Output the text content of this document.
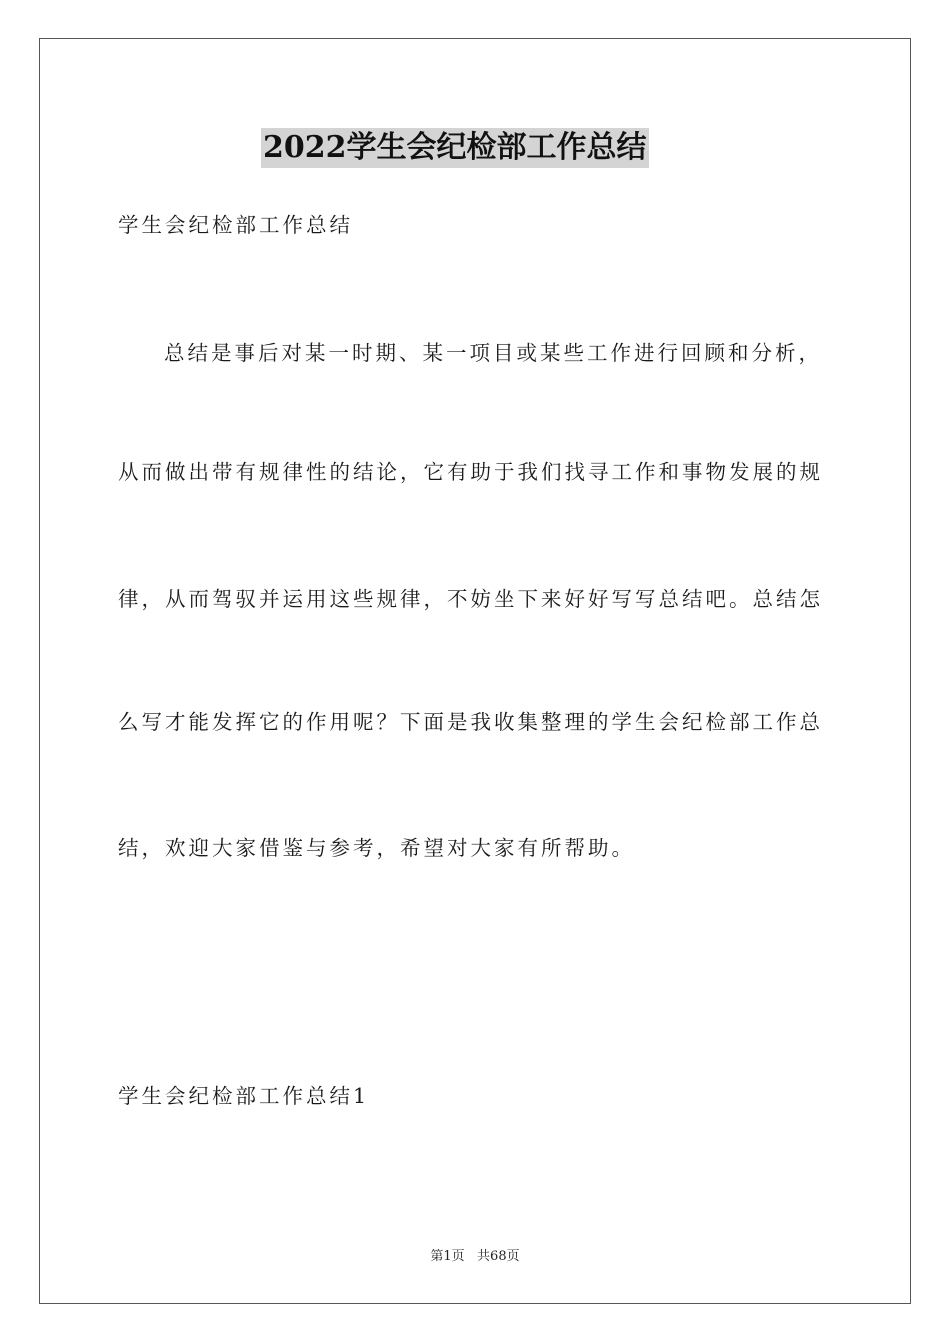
2022学生会纪检部工作总结
学生会纪检部工作总结
总结是事后对某一时期、某一项目或某些工作进行回顾和分析，
从而做出带有规律性的结论，它有助于我们找寻工作和事物发展的规
律，从而驾驭并运用这些规律，不妨坐下来好好写写总结吧。总结怎
么写才能发挥它的作用呢？下面是我收集整理的学生会纪检部工作总
结，欢迎大家借鉴与参考，希望对大家有所帮助。
学生会纪检部工作总结1
第1页   共68页
